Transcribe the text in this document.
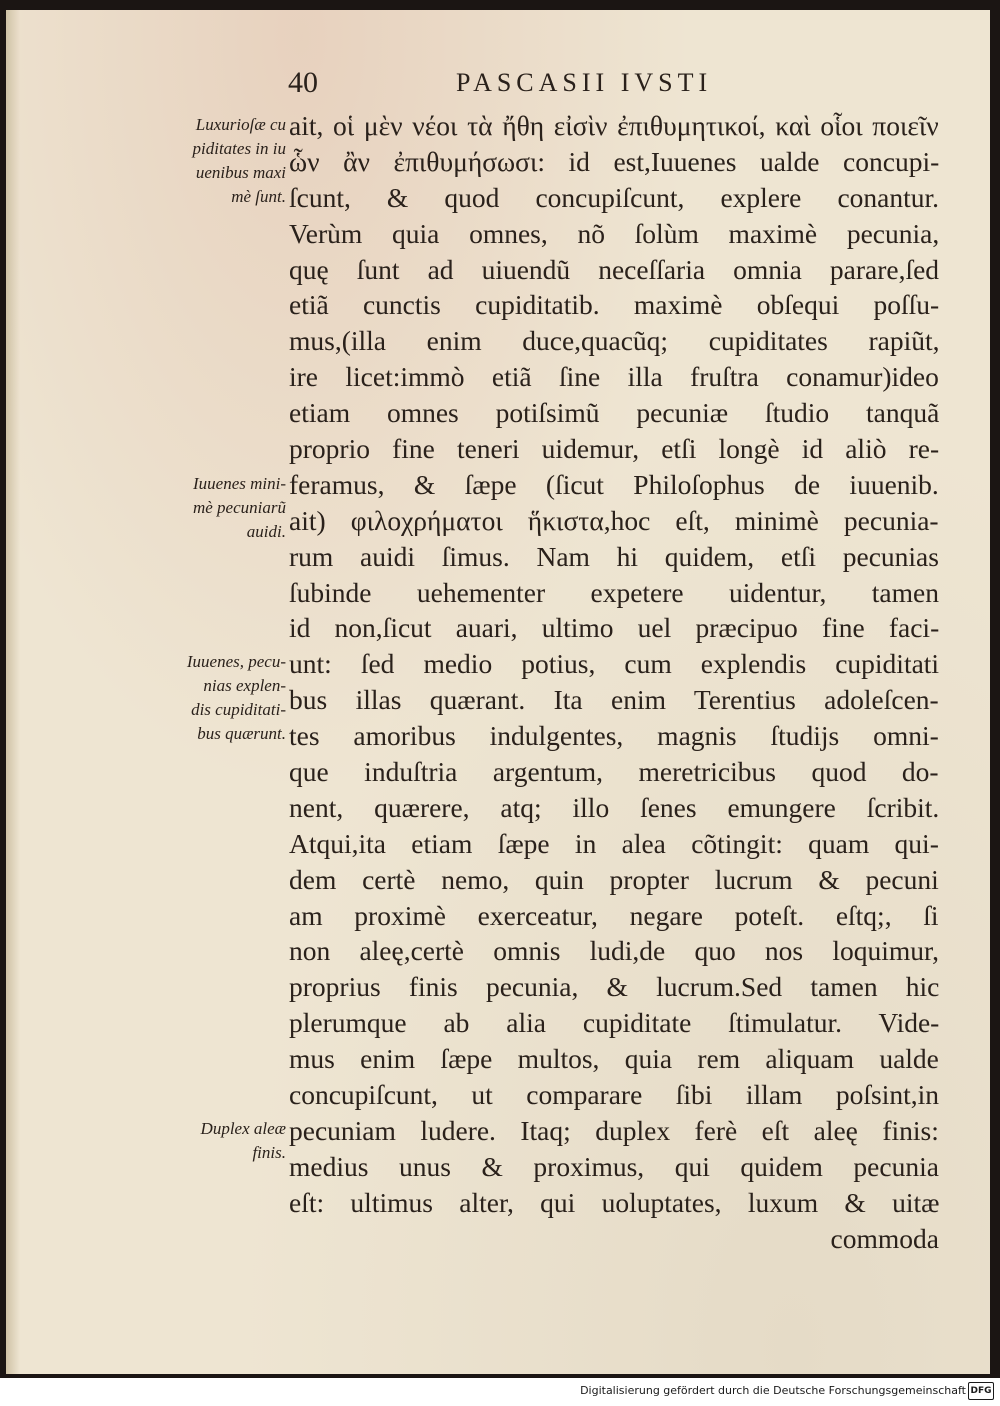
40	PASCASII IVSTI
ait, οἱ μὲν νέοι τὰ ἤθη εἰσὶν ἐπιθυμητικοί, καὶ οἷοι ποιεῖν
ὧν ἂν ἐπιθυμήσωσι: id est,Iuuenes ualde concupi-
ſcunt, & quod concupiſcunt, explere conantur.
Verùm quia omnes, nõ ſolùm maximè pecunia,
quę ſunt ad uiuendũ neceſſaria omnia parare,ſed
etiã cunctis cupiditatib. maximè obſequi poſſu-
mus,(illa enim duce,quacũq; cupiditates rapiũt,
ire licet:immò etiã ſine illa fruſtra conamur)ideo
etiam omnes potiſsimũ pecuniæ ſtudio tanquã
proprio fine teneri uidemur, etſi longè id aliò re-
feramus, & ſæpe (ſicut Philoſophus de iuuenib.
ait) φιλοχρήματοι ἥκιστα,hoc eſt, minimè pecunia-
rum auidi ſimus. Nam hi quidem, etſi pecunias
ſubinde uehementer expetere uidentur, tamen
id non,ſicut auari, ultimo uel præcipuo fine faci-
unt: ſed medio potius, cum explendis cupiditati
bus illas quærant. Ita enim Terentius adoleſcen-
tes amoribus indulgentes, magnis ſtudijs omni-
que induſtria argentum, meretricibus quod do-
nent, quærere, atq; illo ſenes emungere ſcribit.
Atqui,ita etiam ſæpe in alea cõtingit: quam qui-
dem certè nemo, quin propter lucrum & pecuni
am proximè exerceatur, negare poteſt. eſtq;, ſi
non aleę,certè omnis ludi,de quo nos loquimur,
proprius finis pecunia, & lucrum.Sed tamen hic
plerumque ab alia cupiditate ſtimulatur. Vide-
mus enim ſæpe multos, quia rem aliquam ualde
concupiſcunt, ut comparare ſibi illam poſsint,in
pecuniam ludere. Itaq; duplex ferè eſt aleę finis:
medius unus & proximus, qui quidem pecunia
eſt: ultimus alter, qui uoluptates, luxum & uitæ
commoda
Luxurioſæ cu
piditates in iu
uenibus maxi
mè ſunt.
Iuuenes mini-
mè pecuniarũ
auidi.
Iuuenes, pecu-
nias explen-
dis cupiditati-
bus quærunt.
Duplex aleæ
finis.
Digitalisierung gefördert durch die Deutsche Forschungsgemeinschaft DFG
